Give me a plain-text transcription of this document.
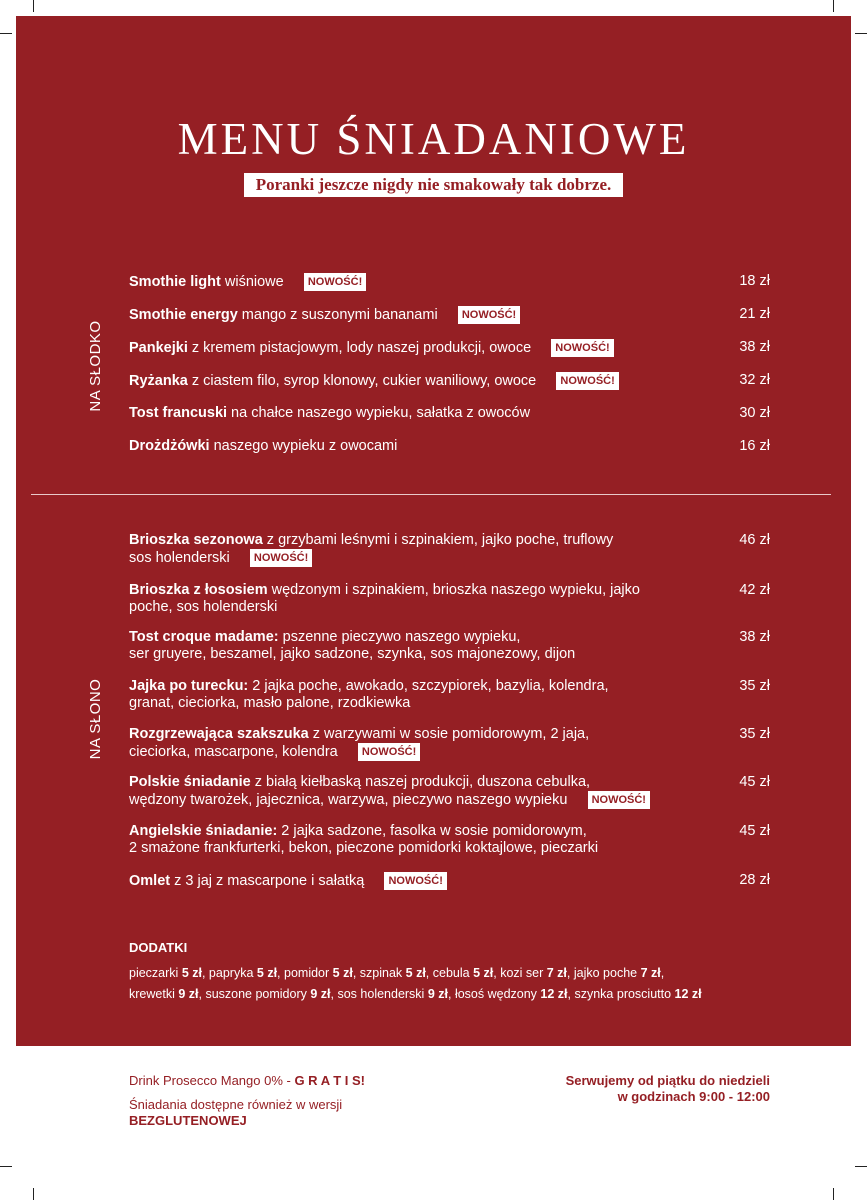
MENU ŚNIADANIOWE
Poranki jeszcze nigdy nie smakowały tak dobrze.
NA SŁODKO
Smothie light wiśniowe NOWOŚĆ!	18 zł
Smothie energy mango z suszonymi bananami NOWOŚĆ!	21 zł
Pankejki z kremem pistacjowym, lody naszej produkcji, owoce NOWOŚĆ!	38 zł
Ryżanka z ciastem filo, syrop klonowy, cukier waniliowy, owoce NOWOŚĆ!	32 zł
Tost francuski na chałce naszego wypieku, sałatka z owoców	30 zł
Drożdżówki naszego wypieku z owocami	16 zł
NA SŁONO
Brioszka sezonowa z grzybami leśnymi i szpinakiem, jajko poche, truflowy
sos holenderski NOWOŚĆ!
46 zł
Brioszka z łososiem wędzonym i szpinakiem, brioszka naszego wypieku, jajko
poche, sos holenderski
42 zł
Tost croque madame: pszenne pieczywo naszego wypieku,
ser gruyere, beszamel, jajko sadzone, szynka, sos majonezowy, dijon
38 zł
Jajka po turecku: 2 jajka poche, awokado, szczypiorek, bazylia, kolendra,
granat, cieciorka, masło palone, rzodkiewka
35 zł
Rozgrzewająca szakszuka z warzywami w sosie pomidorowym, 2 jaja,
cieciorka, mascarpone, kolendra NOWOŚĆ!
35 zł
Polskie śniadanie z białą kiełbaską naszej produkcji, duszona cebulka,
wędzony twarożek, jajecznica, warzywa, pieczywo naszego wypieku NOWOŚĆ!
45 zł
Angielskie śniadanie: 2 jajka sadzone, fasolka w sosie pomidorowym,
2 smażone frankfurterki, bekon, pieczone pomidorki koktajlowe, pieczarki
45 zł
Omlet z 3 jaj z mascarpone i sałatką NOWOŚĆ!	28 zł
DODATKI
pieczarki 5 zł, papryka 5 zł, pomidor 5 zł, szpinak 5 zł, cebula 5 zł, kozi ser 7 zł, jajko poche 7 zł,
krewetki 9 zł, suszone pomidory 9 zł, sos holenderski 9 zł, łosoś wędzony 12 zł, szynka prosciutto 12 zł
Drink Prosecco Mango 0% - G R A T I S!
Śniadania dostępne również w wersji
BEZGLUTENOWEJ
Serwujemy od piątku do niedzieli
w godzinach 9:00 - 12:00
